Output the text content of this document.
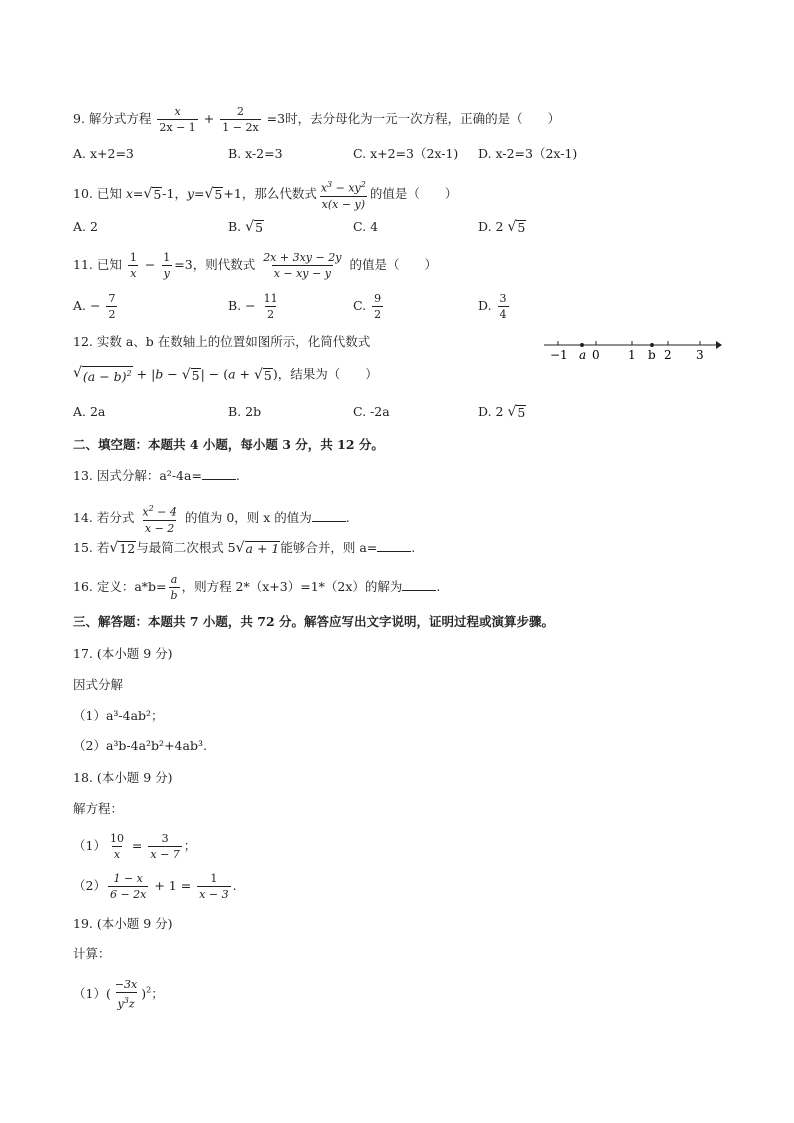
9. 解分式方程 $\frac{x}{2x - 1} + \frac{2}{1 - 2x} =3$时，去分母化为一元一次方程，正确的是（　　）
A. x+2=3	B. x-2=3	C. x+2=3（2x-1) D. x-2=3（2x-1)
10. 已知 x= √ 5 -1，y= √ 5 +1，那么代数式 $\frac{x^3 - xy^2}{x(x - y)}$ 的值是（　　）
A. 2	B. √ 5	C. 4	D. 2 √ 5
11. 已知 $\frac{1}{x} - \frac{1}{y} =3$，则代数式 $\frac{2x + 3xy - 2y}{x - xy - y}$ 的值是（　　）
A. − $\frac{7}{2}$	B. − $\frac{11}{2}$	C. $\frac{9}{2}$	D. $\frac{3}{4}$
12. 实数 a、b 在数轴上的位置如图所示，化简代数式
−1 a 0 1 b 2 3
√ $(a - b)^2 + |b$ − √ 5 | − (a + √ 5 )，结果为（　　）
A. 2a	B. 2b	C. -2a	D. 2 √ 5
二、填空题：本题共 4 小题，每小题 3 分，共 12 分。
13. 因式分解：a²-4a=	.
14. 若分式 $\frac{x^2 - 4}{x - 2}$ 的值为 0，则 x 的值为	.
15. 若 √ 12 与最简二次根式 5 √ a + 1 能够合并，则 a=	.
16. 定义：$a*b= \frac{a}{b}$ ，则方程 2*（x+3）=1*（2x）的解为	.
三、解答题：本题共 7 小题，共 72 分。解答应写出文字说明，证明过程或演算步骤。
17. (本小题 9 分)
因式分解
（1）a³-4ab²；
（2）a³b-4a²b²+4ab³.
18. (本小题 9 分)
解方程：
$(1) \frac{10}{x} = \frac{3}{x - 7}$ ；
$(2) \frac{1 - x}{6 - 2x} + 1 = \frac{1}{x - 3}$ .
19. (本小题 9 分)
计算：
$(1)( \frac{-3x}{y^3z} )^2$；
